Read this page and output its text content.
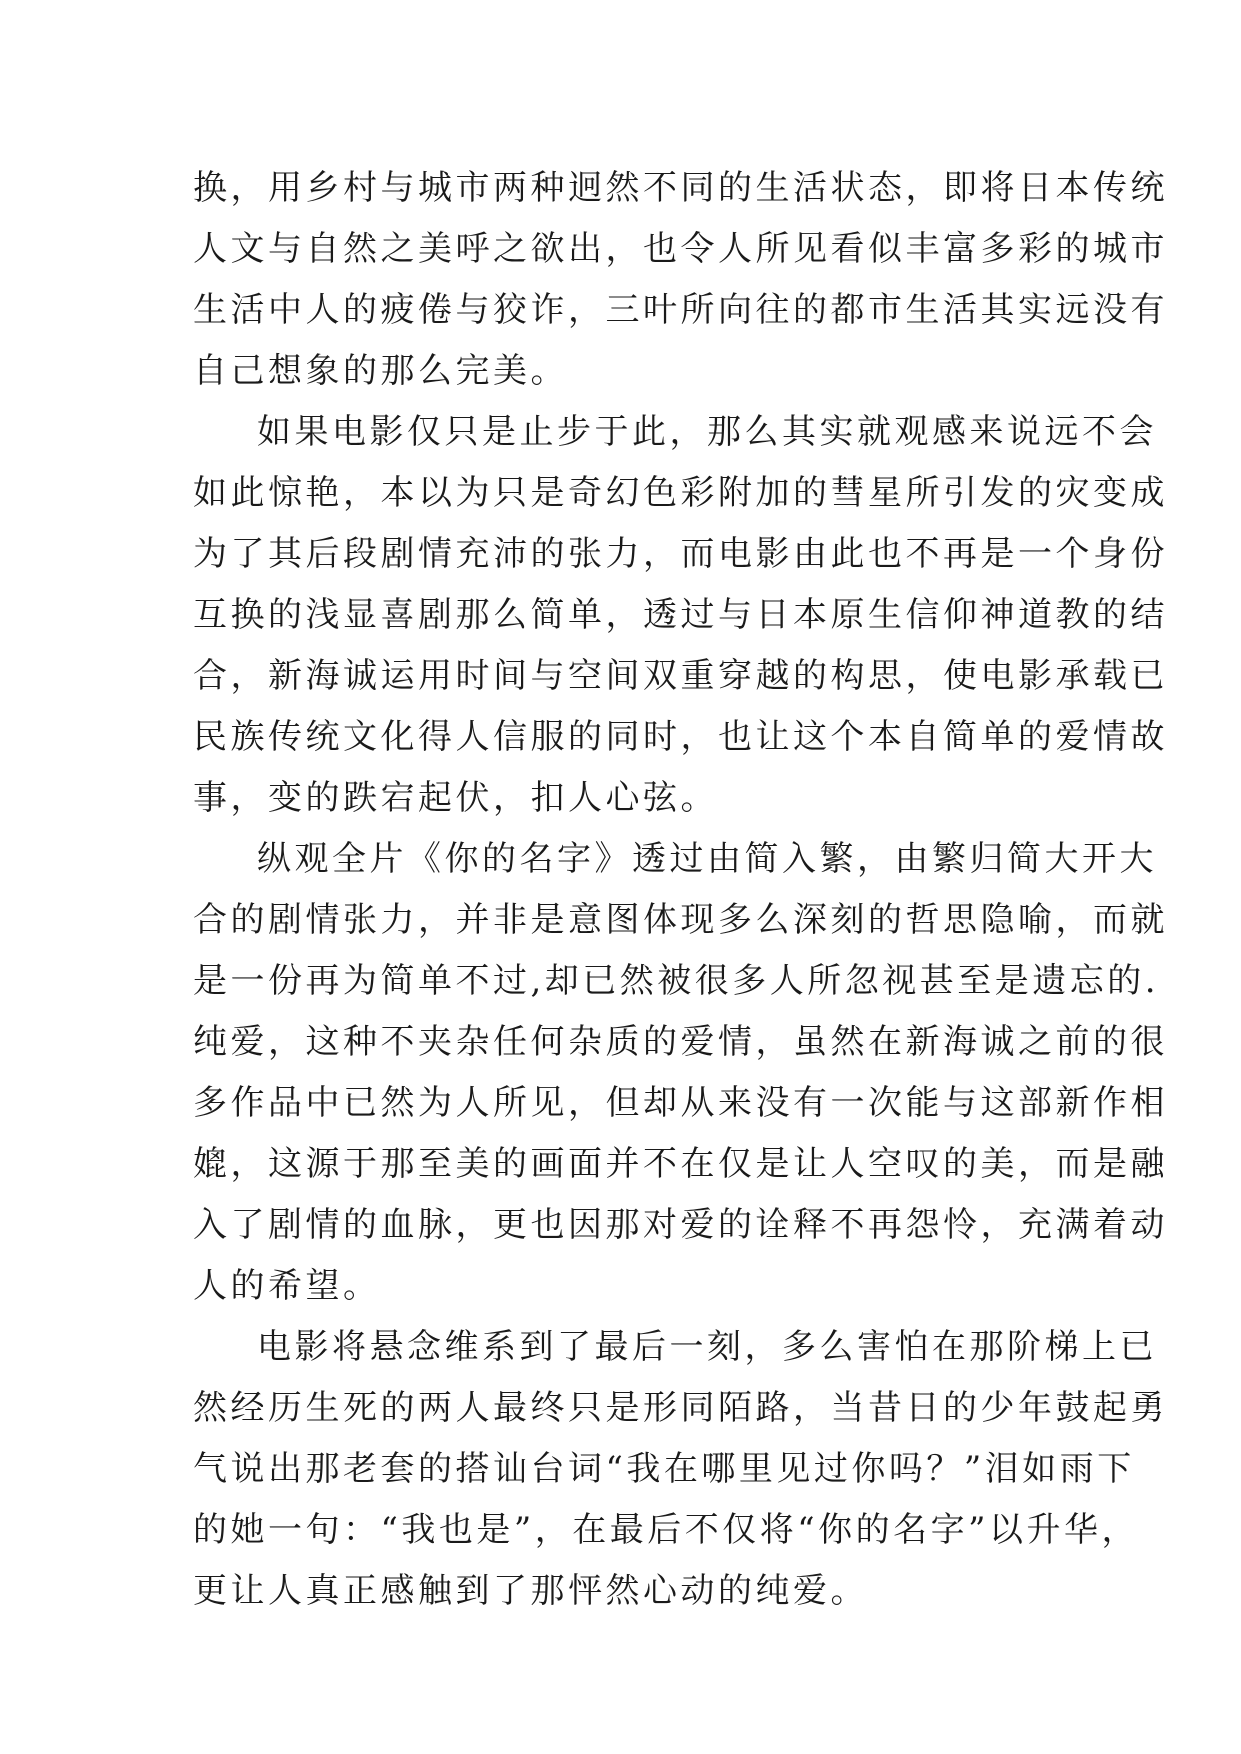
换，用乡村与城市两种迥然不同的生活状态，即将日本传统
人文与自然之美呼之欲出，也令人所见看似丰富多彩的城市
生活中人的疲倦与狡诈，三叶所向往的都市生活其实远没有
自己想象的那么完美。
如果电影仅只是止步于此，那么其实就观感来说远不会
如此惊艳，本以为只是奇幻色彩附加的彗星所引发的灾变成
为了其后段剧情充沛的张力，而电影由此也不再是一个身份
互换的浅显喜剧那么简单，透过与日本原生信仰神道教的结
合，新海诚运用时间与空间双重穿越的构思，使电影承载已
民族传统文化得人信服的同时，也让这个本自简单的爱情故
事，变的跌宕起伏，扣人心弦。
纵观全片《你的名字》透过由简入繁，由繁归简大开大
合的剧情张力，并非是意图体现多么深刻的哲思隐喻，而就
是一份再为简单不过,却已然被很多人所忽视甚至是遗忘的.
纯爱，这种不夹杂任何杂质的爱情，虽然在新海诚之前的很
多作品中已然为人所见，但却从来没有一次能与这部新作相
媲，这源于那至美的画面并不在仅是让人空叹的美，而是融
入了剧情的血脉，更也因那对爱的诠释不再怨怜，充满着动
人的希望。
电影将悬念维系到了最后一刻，多么害怕在那阶梯上已
然经历生死的两人最终只是形同陌路，当昔日的少年鼓起勇
气说出那老套的搭讪台词“我在哪里见过你吗？”泪如雨下
的她一句：“我也是”，在最后不仅将“你的名字”以升华，
更让人真正感触到了那怦然心动的纯爱。
